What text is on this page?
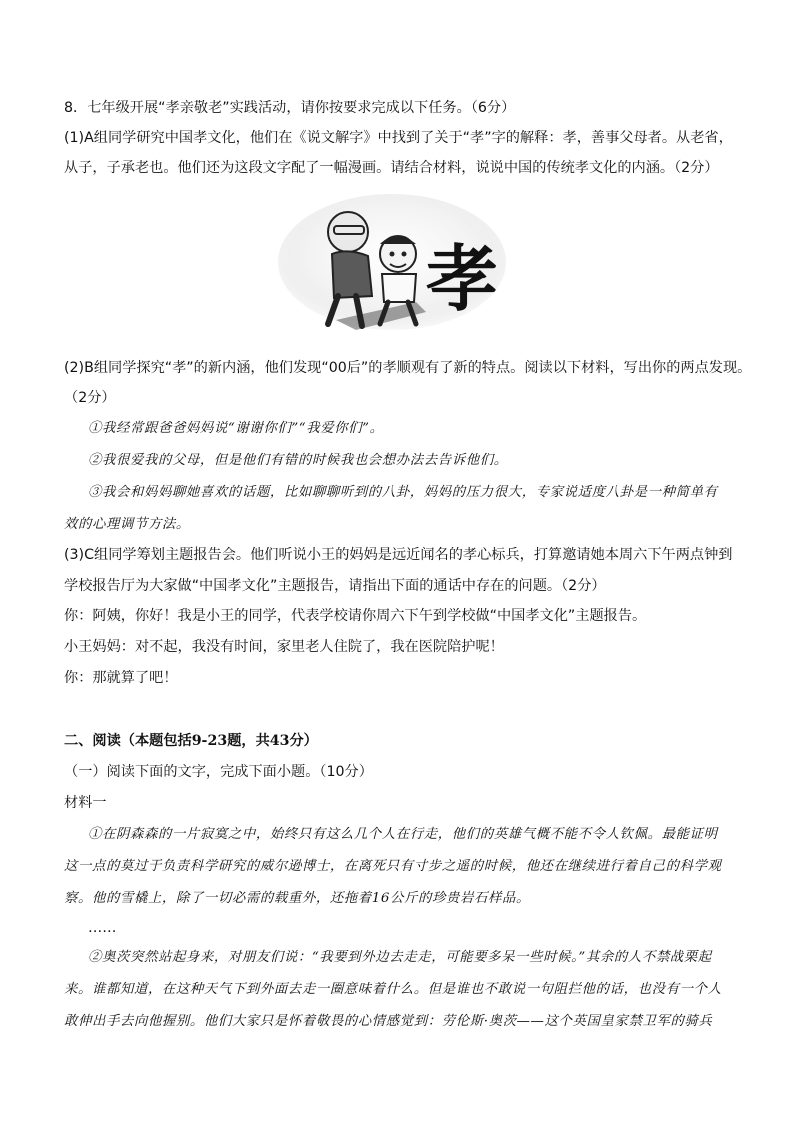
8．七年级开展“孝亲敬老”实践活动，请你按要求完成以下任务。（6分）
(1)A组同学研究中国孝文化，他们在《说文解字》中找到了关于“孝”字的解释：孝，善事父母者。从老省，
从子，子承老也。他们还为这段文字配了一幅漫画。请结合材料，说说中国的传统孝文化的内涵。（2分）
孝
(2)B组同学探究“孝”的新内涵，他们发现“00后”的孝顺观有了新的特点。阅读以下材料，写出你的两点发现。
（2分）
①我经常跟爸爸妈妈说“谢谢你们”“我爱你们”。
②我很爱我的父母，但是他们有错的时候我也会想办法去告诉他们。
③我会和妈妈聊她喜欢的话题，比如聊聊听到的八卦，妈妈的压力很大，专家说适度八卦是一种简单有
效的心理调节方法。
(3)C组同学筹划主题报告会。他们听说小王的妈妈是远近闻名的孝心标兵，打算邀请她本周六下午两点钟到
学校报告厅为大家做“中国孝文化”主题报告，请指出下面的通话中存在的问题。（2分）
你：阿姨，你好！我是小王的同学，代表学校请你周六下午到学校做“中国孝文化”主题报告。
小王妈妈：对不起，我没有时间，家里老人住院了，我在医院陪护呢！
你：那就算了吧！
二、阅读（本题包括9-23题，共43分）
（一）阅读下面的文字，完成下面小题。（10分）
材料一
①在阴森森的一片寂寞之中，始终只有这么几个人在行走，他们的英雄气概不能不令人钦佩。最能证明
这一点的莫过于负责科学研究的威尔逊博士，在离死只有寸步之遥的时候，他还在继续进行着自己的科学观
察。他的雪橇上，除了一切必需的载重外，还拖着16公斤的珍贵岩石样品。
……
②奥茨突然站起身来，对朋友们说：“我要到外边去走走，可能要多呆一些时候。”其余的人不禁战栗起
来。谁都知道，在这种天气下到外面去走一圈意味着什么。但是谁也不敢说一句阻拦他的话，也没有一个人
敢伸出手去向他握别。他们大家只是怀着敬畏的心情感觉到：劳伦斯·奥茨——这个英国皇家禁卫军的骑兵
